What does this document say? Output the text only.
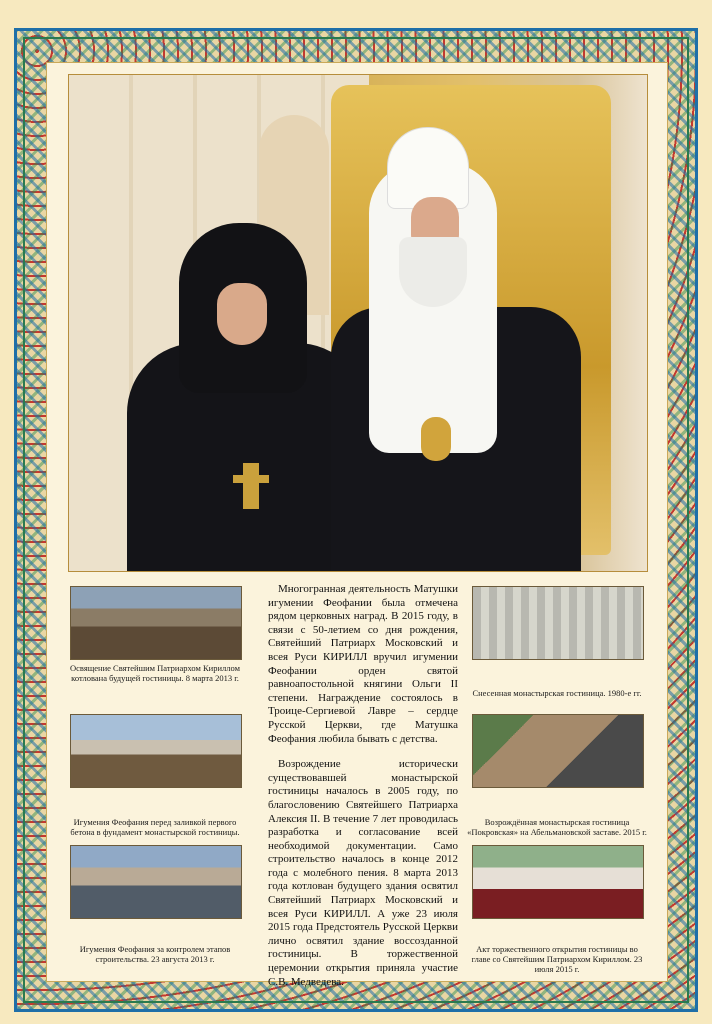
Освящение Святейшим Патриархом Кириллом котлована будущей гостиницы. 8 марта 2013 г.
Игумения Феофания перед заливкой первого бетона в фундамент монастырской гостиницы.
Игумения Феофания за контролем этапов строительства. 23 августа 2013 г.
Снесенная монастырская гостиница. 1980-е гг.
Возрождённая монастырская гостиница «Покровская» на Абельмановской заставе. 2015 г.
Акт торжественного открытия гостиницы во главе со Святейшим Патриархом Кириллом. 23 июля 2015 г.

Многогранная деятельность Матушки игумении Феофании была отмечена рядом церковных наград. В 2015 году, в связи с 50-летием со дня рождения, Святейший Патриарх Московский и всея Руси КИРИЛЛ вручил игумении Феофании орден святой равноапостольной княгини Ольги II степени. Награждение состоялось в Троице-Сергиевой Лавре – сердце Русской Церкви, где Матушка Феофания любила бывать с детства.

Возрождение исторически существовавшей монастырской гостиницы началось в 2005 году, по благословению Святейшего Патриарха Алексия II. В течение 7 лет проводилась разработка и согласование всей необходимой документации. Само строительство началось в конце 2012 года с молебного пения. 8 марта 2013 года котлован будущего здания освятил Святейший Патриарх Московский и всея Руси КИРИЛЛ. А уже 23 июля 2015 года Предстоятель Русской Церкви лично освятил здание воссозданной гостиницы. В торжественной церемонии открытия приняла участие С.В. Медведева.
